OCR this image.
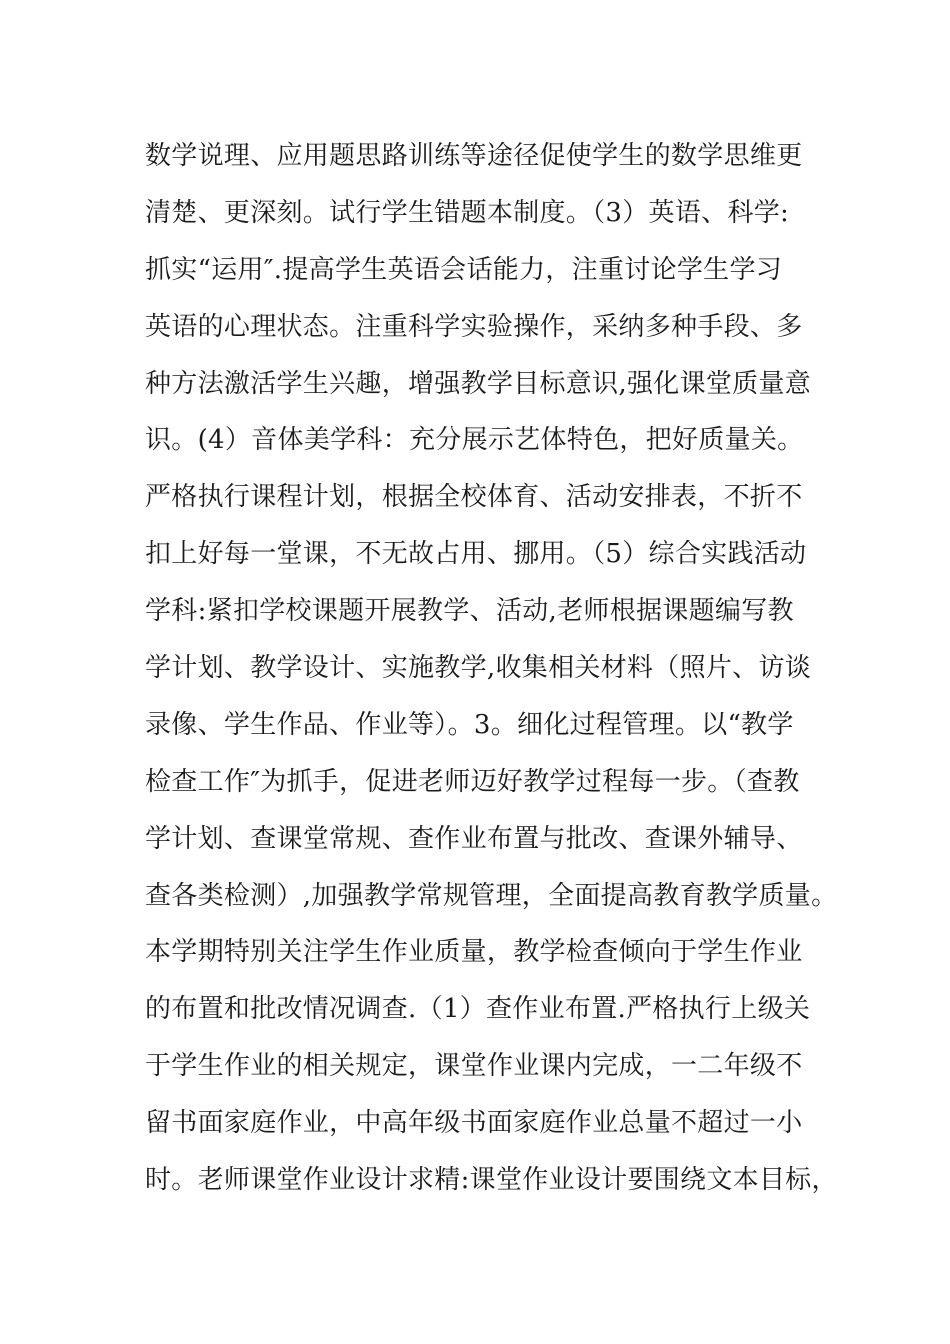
数学说理、应用题思路训练等途径促使学生的数学思维更
清楚、更深刻。试行学生错题本制度。（3）英语、科学:
抓实“运用″.提高学生英语会话能力，注重讨论学生学习
英语的心理状态。注重科学实验操作，采纳多种手段、多
种方法激活学生兴趣，增强教学目标意识,强化课堂质量意
识。(4）音体美学科：充分展示艺体特色，把好质量关。
严格执行课程计划，根据全校体育、活动安排表，不折不
扣上好每一堂课，不无故占用、挪用。（5）综合实践活动
学科:紧扣学校课题开展教学、活动,老师根据课题编写教
学计划、教学设计、实施教学,收集相关材料（照片、访谈
录像、学生作品、作业等）。3。细化过程管理。以“教学
检查工作″为抓手，促进老师迈好教学过程每一步。（查教
学计划、查课堂常规、查作业布置与批改、查课外辅导、
查各类检测）,加强教学常规管理，全面提高教育教学质量。
本学期特别关注学生作业质量，教学检查倾向于学生作业
的布置和批改情况调查.（1）查作业布置.严格执行上级关
于学生作业的相关规定，课堂作业课内完成，一二年级不
留书面家庭作业，中高年级书面家庭作业总量不超过一小
时。老师课堂作业设计求精:课堂作业设计要围绕文本目标，
